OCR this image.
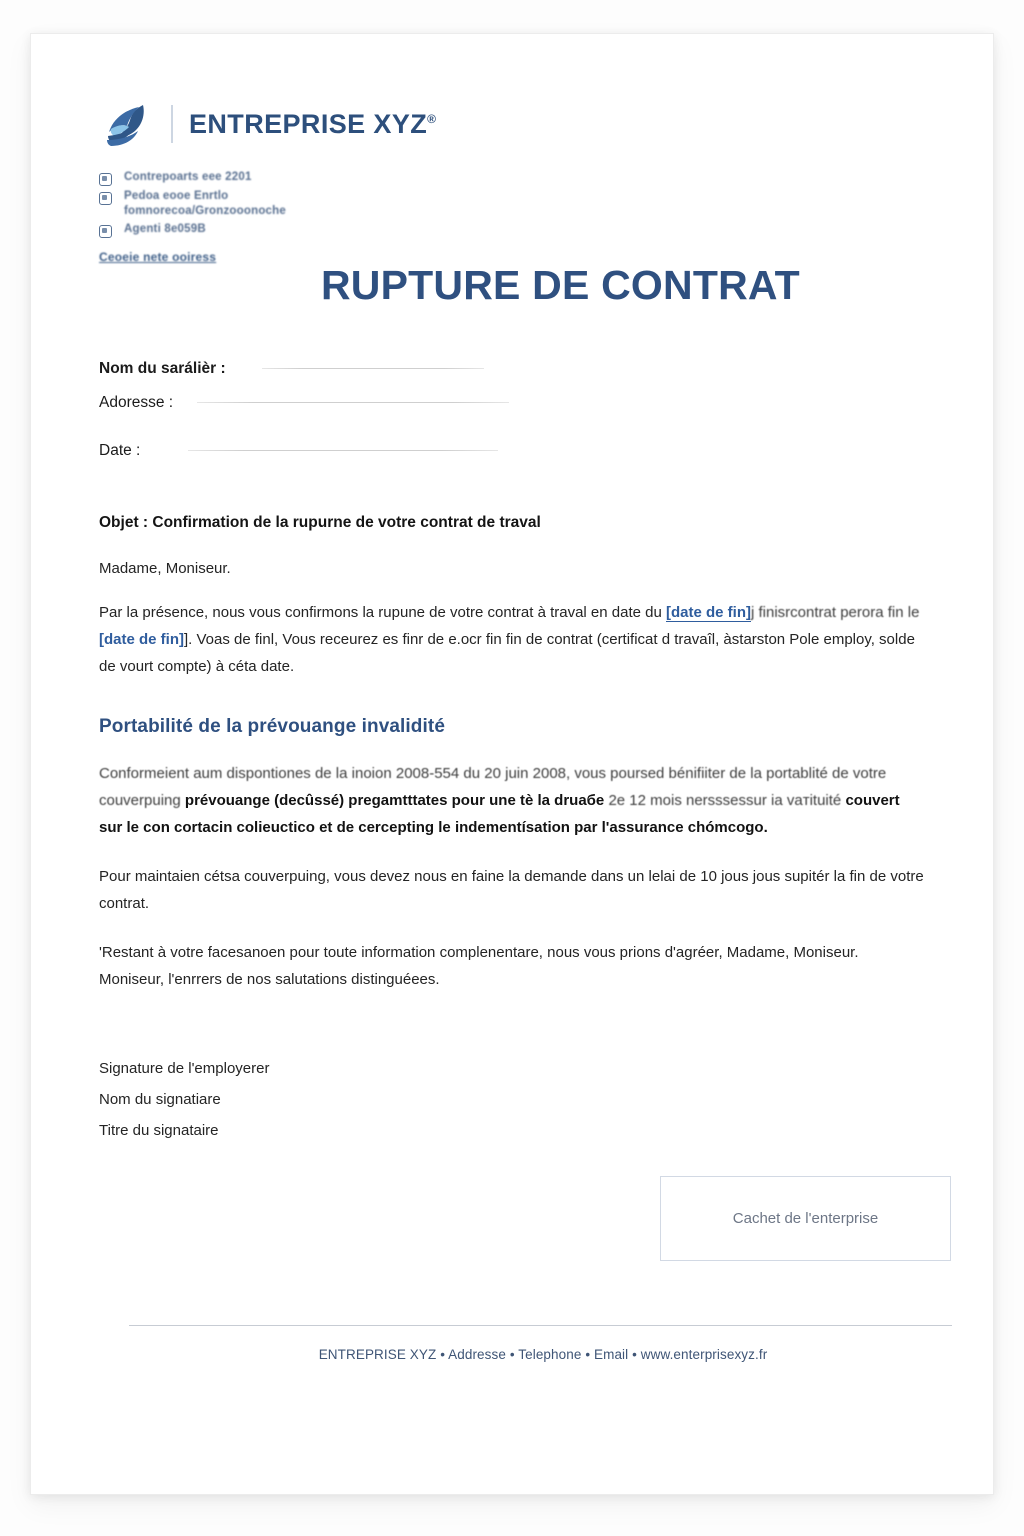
ENTREPRISE XYZ®
Contrepoarts eee 2201
Pedoa eooe Enrtlo
fomnorecoa/Gronzooonoche
Agenti 8e059B
Ceoeie nete ooiress
Nom du sarálièr :
Adoresse :
Date :
Objet : Confirmation de la rupurne de votre contrat de traval
Madame, Moniseur.

Par la présence, nous vous confirmons la rupune de votre contrat à traval en date du [date de fin]j finisrcontrat perora fin le [date de fin]]. Voas de finl, Vous receurez es finr de e.ocr fin fin de contrat (certificat d travaîl, àstarston Pole employ, solde de vourt compte) à céta date.

Portabilité de la prévouange invalidité

Conformeient aum dispontiones de la inoion 2008-554 du 20 juin 2008, vous poursed bénifiiter de la portablité de votre couverpuing prévouange (decûssé) pregamtttates pour une tè la druaбe 2e 12 mois nersssessur ia vaтituité couvert sur le con cortacin colieuctico et de cercepting le indementísation par l'assurance chómcogo.

Pour maintaien cétsa couverpuing, vous devez nous en faine la demande dans un lelai de 10 jous jous supitér la fin de votre contrat.

'Restant à votre facesanoen pour toute information complenentare, nous vous prions d'agréer, Madame, Moniseur. Moniseur, l'enrrers de nos salutations distinguéees.

Signature de l'employerer
Nom du signatiare
Titre du signataire
RUPTURE DE CONTRAT
Cachet de l'enterprise
ENTREPRISE XYZ • Addresse • Telephone • Email • www.enterprisexyz.fr
